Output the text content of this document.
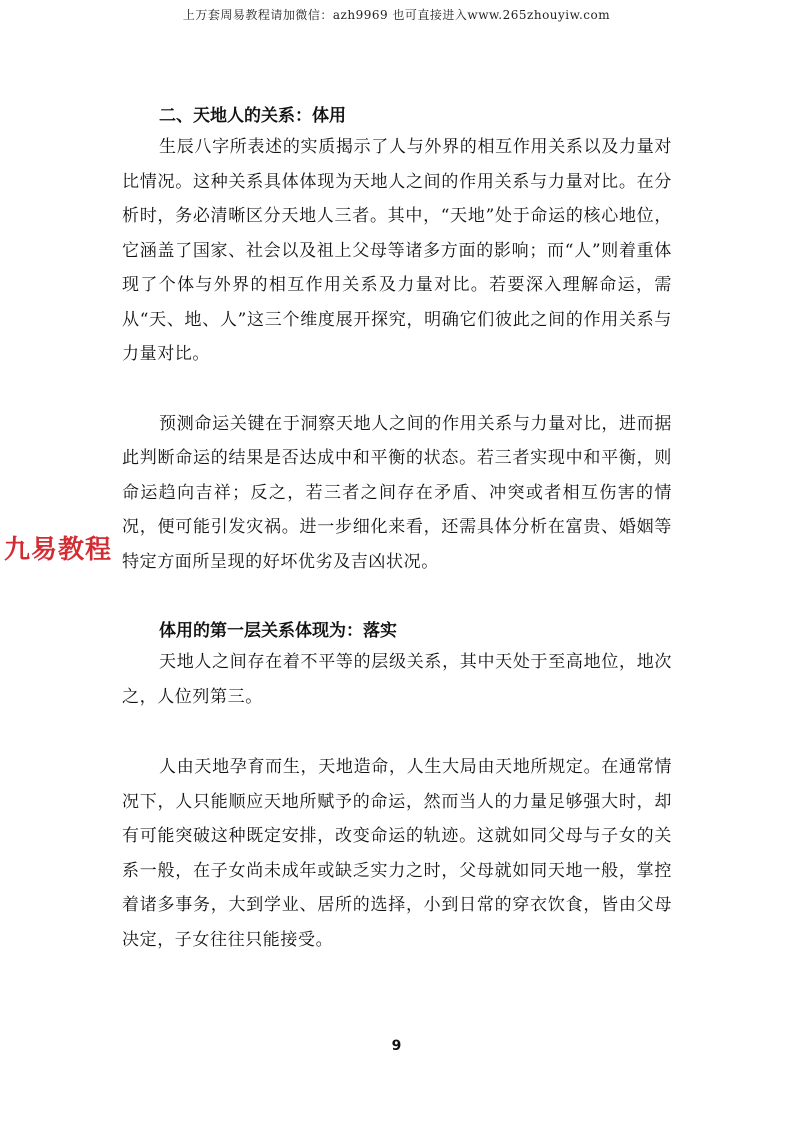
上万套周易教程请加微信：azh9969 也可直接进入www.265zhouyiw.com

二、天地人的关系：体用

生辰八字所表述的实质揭示了人与外界的相互作用关系以及力量对比情况。这种关系具体体现为天地人之间的作用关系与力量对比。在分析时，务必清晰区分天地人三者。其中，“天地”处于命运的核心地位，它涵盖了国家、社会以及祖上父母等诸多方面的影响；而“人”则着重体现了个体与外界的相互作用关系及力量对比。若要深入理解命运，需从“天、地、人”这三个维度展开探究，明确它们彼此之间的作用关系与力量对比。

预测命运关键在于洞察天地人之间的作用关系与力量对比，进而据此判断命运的结果是否达成中和平衡的状态。若三者实现中和平衡，则命运趋向吉祥；反之，若三者之间存在矛盾、冲突或者相互伤害的情况，便可能引发灾祸。进一步细化来看，还需具体分析在富贵、婚姻等特定方面所呈现的好坏优劣及吉凶状况。

体用的第一层关系体现为：落实

天地人之间存在着不平等的层级关系，其中天处于至高地位，地次之，人位列第三。

人由天地孕育而生，天地造命，人生大局由天地所规定。在通常情况下，人只能顺应天地所赋予的命运，然而当人的力量足够强大时，却有可能突破这种既定安排，改变命运的轨迹。这就如同父母与子女的关系一般，在子女尚未成年或缺乏实力之时，父母就如同天地一般，掌控着诸多事务，大到学业、居所的选择，小到日常的穿衣饮食，皆由父母决定，子女往往只能接受。

九易教程
9
